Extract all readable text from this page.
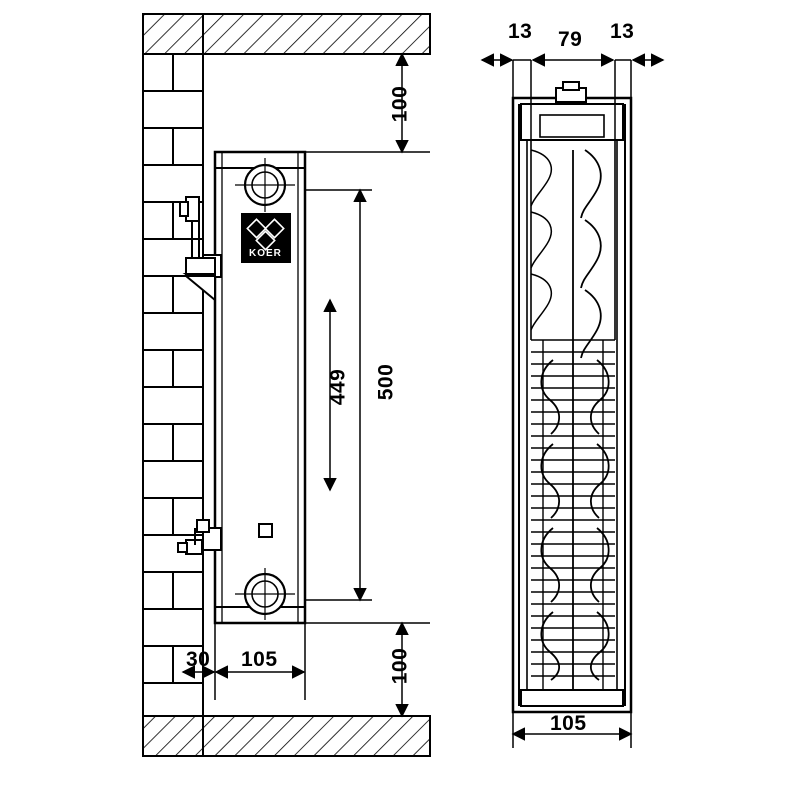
100
100
500
449
30 105
13 79 13
105
KOER
